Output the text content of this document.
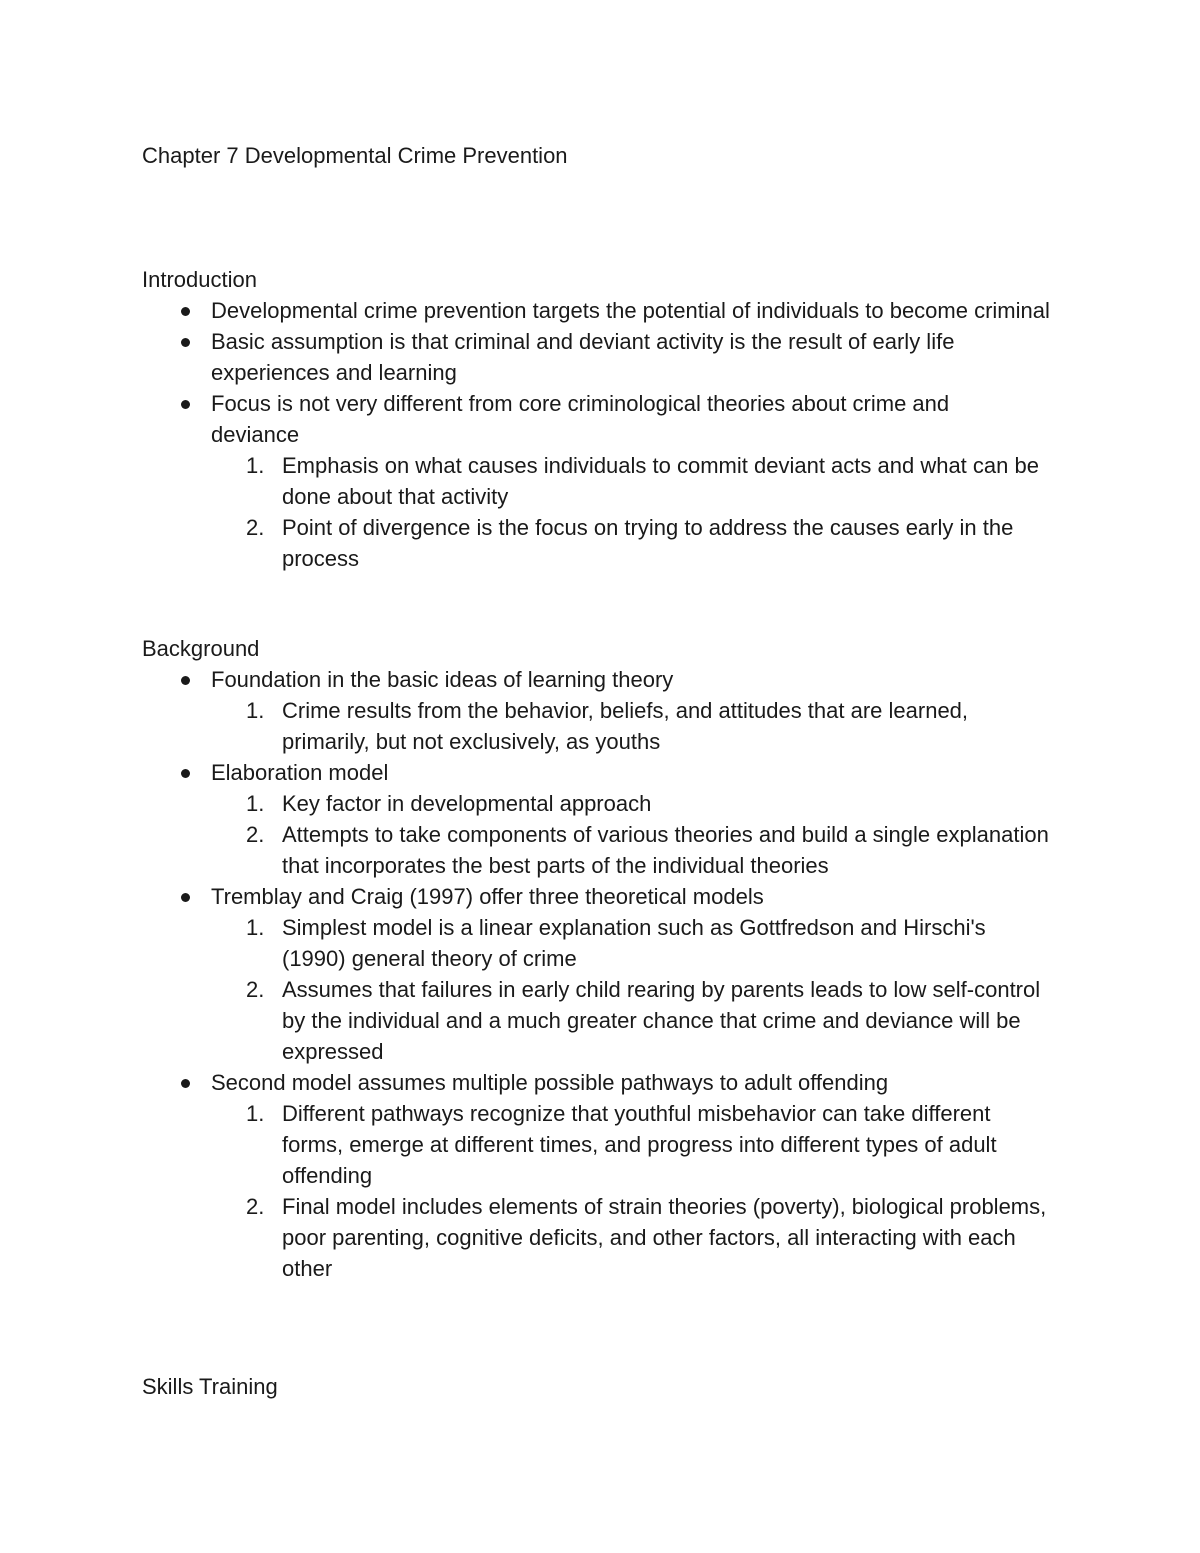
Chapter 7 Developmental Crime Prevention

Introduction

Developmental crime prevention targets the potential of individuals to become criminal
Basic assumption is that criminal and deviant activity is the result of early life experiences and learning
Focus is not very different from core criminological theories about crime and deviance
1. Emphasis on what causes individuals to commit deviant acts and what can be done about that activity
2. Point of divergence is the focus on trying to address the causes early in the process

Background

Foundation in the basic ideas of learning theory
1. Crime results from the behavior, beliefs, and attitudes that are learned, primarily, but not exclusively, as youths
Elaboration model
1. Key factor in developmental approach
2. Attempts to take components of various theories and build a single explanation that incorporates the best parts of the individual theories
Tremblay and Craig (1997) offer three theoretical models
1. Simplest model is a linear explanation such as Gottfredson and Hirschi's (1990) general theory of crime
2. Assumes that failures in early child rearing by parents leads to low self-control by the individual and a much greater chance that crime and deviance will be expressed
Second model assumes multiple possible pathways to adult offending
1. Different pathways recognize that youthful misbehavior can take different forms, emerge at different times, and progress into different types of adult offending
2. Final model includes elements of strain theories (poverty), biological problems, poor parenting, cognitive deficits, and other factors, all interacting with each other

Skills Training
